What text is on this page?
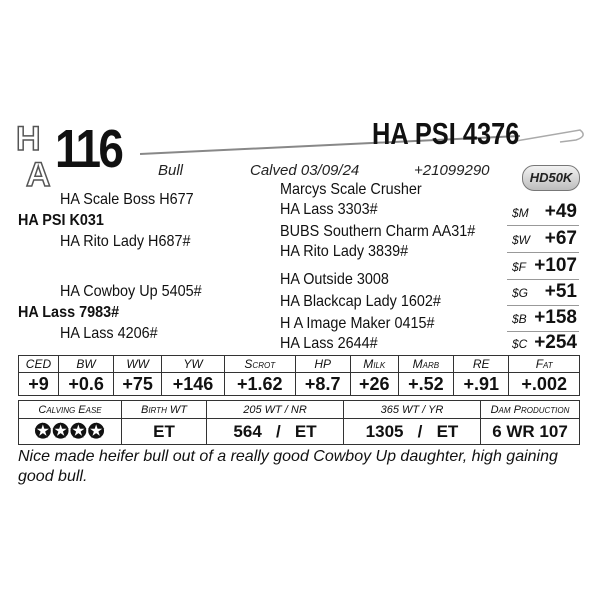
H
A 116	HA PSI 4376
Bull	Calved 03/09/24	+21099290	HD50K
HA Scale Boss H677
Marcys Scale Crusher
HA Lass 3303#
HA PSI K031
BUBS Southern Charm AA31#
HA Rito Lady H687#
HA Rito Lady 3839#
HA Outside 3008
HA Cowboy Up 5405#
HA Blackcap Lady 1602#
HA Lass 7983#
H A Image Maker 0415#
HA Lass 4206#
HA Lass 2644#
$M +49
$W +67
$F +107
$G +51
$B +158
$C +254
CED	BW	WW	YW	Scrot	HP	Milk	Marb	RE	Fat
+9	+0.6	+75	+146	+1.62	+8.7	+26	+.52	+.91	+.002
Calving Ease	Birth WT	205 WT / NR	365 WT / YR	Dam Production
✪✪✪✪	ET	564 / ET	1305 / ET	6 WR 107
Nice made heifer bull out of a really good Cowboy Up daughter, high gaining good bull.
